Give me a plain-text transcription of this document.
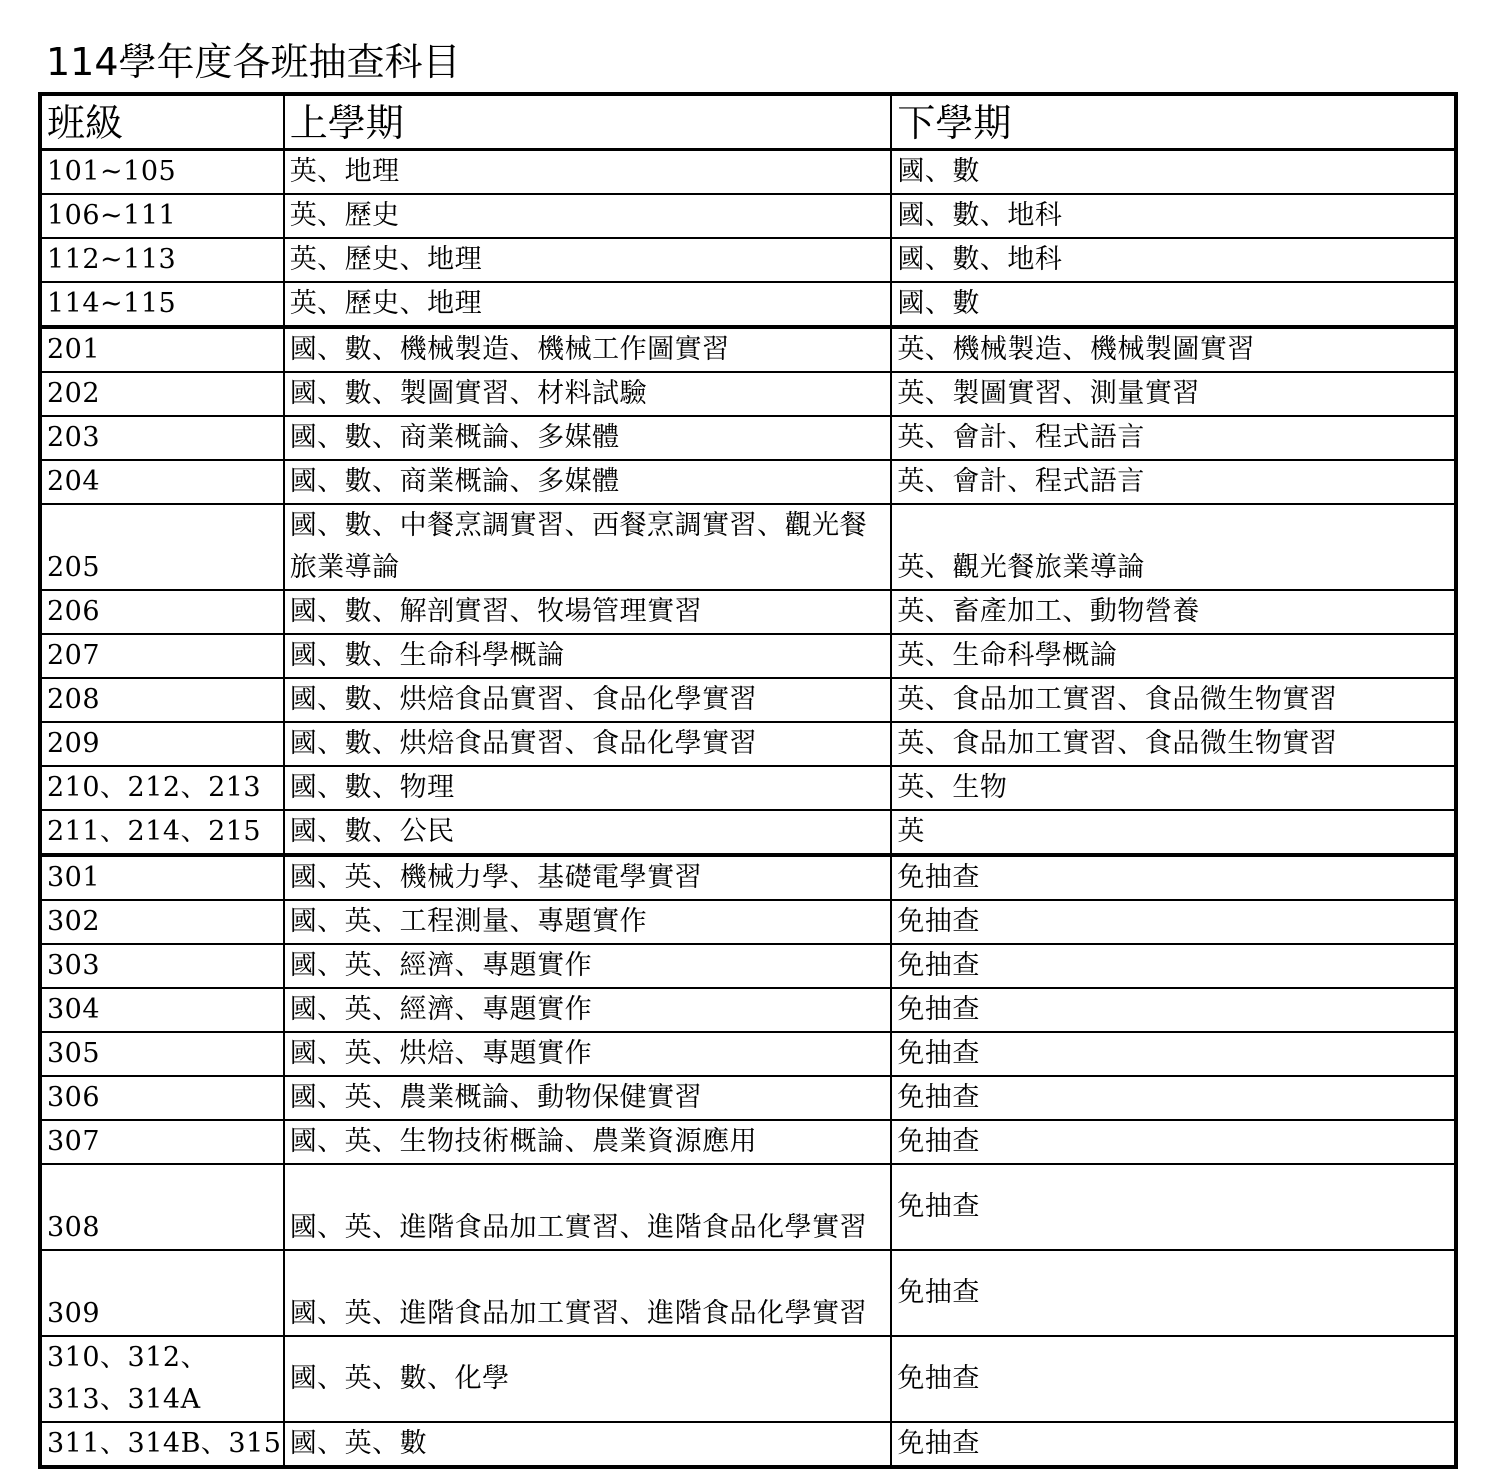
114學年度各班抽查科目
班級	上學期	下學期
101~105	英、地理	國、數
106~111	英、歷史	國、數、地科
112~113	英、歷史、地理	國、數、地科
114~115	英、歷史、地理	國、數
201	國、數、機械製造、機械工作圖實習	英、機械製造、機械製圖實習
202	國、數、製圖實習、材料試驗	英、製圖實習、測量實習
203	國、數、商業概論、多媒體	英、會計、程式語言
204	國、數、商業概論、多媒體	英、會計、程式語言
205	國、數、中餐烹調實習、西餐烹調實習、觀光餐旅業導論	英、觀光餐旅業導論
206	國、數、解剖實習、牧場管理實習	英、畜產加工、動物營養
207	國、數、生命科學概論	英、生命科學概論
208	國、數、烘焙食品實習、食品化學實習	英、食品加工實習、食品微生物實習
209	國、數、烘焙食品實習、食品化學實習	英、食品加工實習、食品微生物實習
210、212、213	國、數、物理	英、生物
211、214、215	國、數、公民	英
301	國、英、機械力學、基礎電學實習	免抽查
302	國、英、工程測量、專題實作	免抽查
303	國、英、經濟、專題實作	免抽查
304	國、英、經濟、專題實作	免抽查
305	國、英、烘焙、專題實作	免抽查
306	國、英、農業概論、動物保健實習	免抽查
307	國、英、生物技術概論、農業資源應用	免抽查
308	國、英、進階食品加工實習、進階食品化學實習	免抽查
309	國、英、進階食品加工實習、進階食品化學實習	免抽查
310、312、313、314A	國、英、數、化學	免抽查
311、314B、315	國、英、數	免抽查
